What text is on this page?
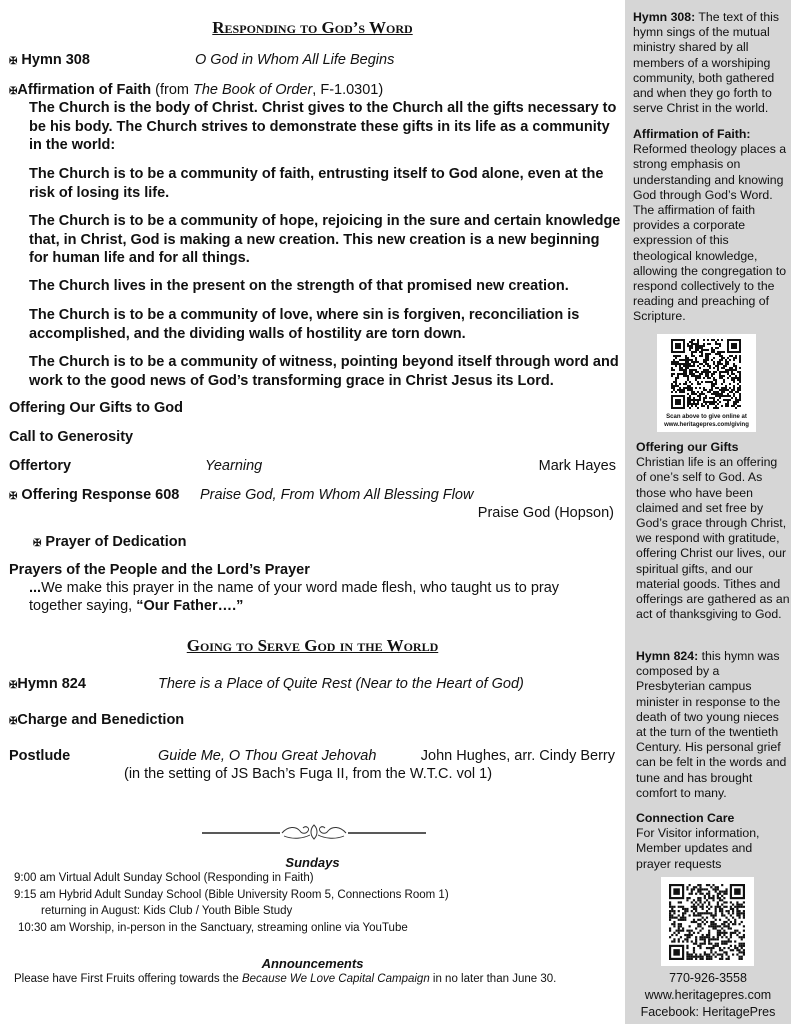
Responding to God’s Word
✠ Hymn 308	O God in Whom All Life Begins
✠Affirmation of Faith (from The Book of Order, F-1.0301)
The Church is the body of Christ. Christ gives to the Church all the gifts necessary to be his body. The Church strives to demonstrate these gifts in its life as a community in the world:
The Church is to be a community of faith, entrusting itself to God alone, even at the risk of losing its life.
The Church is to be a community of hope, rejoicing in the sure and certain knowledge that, in Christ, God is making a new creation. This new creation is a new beginning for human life and for all things.
The Church lives in the present on the strength of that promised new creation.
The Church is to be a community of love, where sin is forgiven, reconciliation is accomplished, and the dividing walls of hostility are torn down.
The Church is to be a community of witness, pointing beyond itself through word and work to the good news of God’s transforming grace in Christ Jesus its Lord.
Offering Our Gifts to God
Call to Generosity
Offertory	Yearning	Mark Hayes
✠ Offering Response 608 Praise God, From Whom All Blessing Flow
Praise God (Hopson)
✠ Prayer of Dedication
Prayers of the People and the Lord’s Prayer
...We make this prayer in the name of your word made flesh, who taught us to pray
together saying, “Our Father….”
Going to Serve God in the World
✠Hymn 824	There is a Place of Quite Rest (Near to the Heart of God)
✠Charge and Benediction
Postlude	Guide Me, O Thou Great Jehovah	John Hughes, arr. Cindy Berry
(in the setting of JS Bach’s Fuga II, from the W.T.C. vol 1)
Sundays
9:00 am Virtual Adult Sunday School (Responding in Faith)
9:15 am Hybrid Adult Sunday School (Bible University Room 5, Connections Room 1)
returning in August: Kids Club / Youth Bible Study
10:30 am Worship, in-person in the Sanctuary, streaming online via YouTube
Announcements
Please have First Fruits offering towards the Because We Love Capital Campaign in no later than June 30.
Hymn 308: The text of this hymn sings of the mutual ministry shared by all members of a worshiping community, both gathered and when they go forth to serve Christ in the world.
Affirmation of Faith:
Reformed theology places a strong emphasis on understanding and knowing God through God’s Word. The affirmation of faith provides a corporate expression of this theological knowledge, allowing the congregation to respond collectively to the reading and preaching of Scripture.
Scan above to give online at
www.heritagepres.com/giving
Offering our Gifts
Christian life is an offering of one’s self to God. As those who have been claimed and set free by God’s grace through Christ, we respond with gratitude, offering Christ our lives, our spiritual gifts, and our material goods. Tithes and offerings are gathered as an act of thanksgiving to God.
Hymn 824: this hymn was composed by a Presbyterian campus minister in response to the death of two young nieces at the turn of the twentieth Century. His personal grief can be felt in the words and tune and has brought comfort to many.
Connection Care
For Visitor information, Member updates and prayer requests
770-926-3558
www.heritagepres.com
Facebook: HeritagePres
